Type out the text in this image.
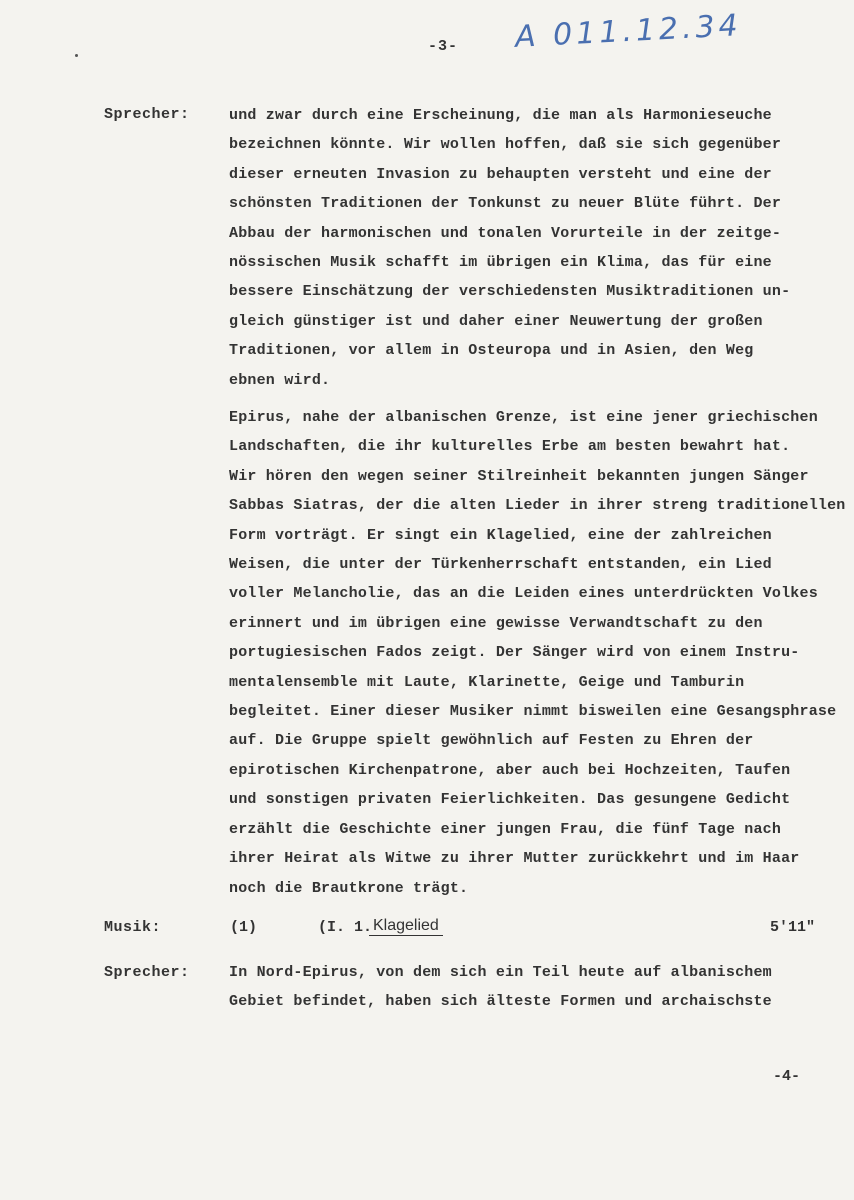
-3- A 011.12.34
Sprecher:	und zwar durch eine Erscheinung, die man als Harmonieseuche
bezeichnen könnte. Wir wollen hoffen, daß sie sich gegenüber
dieser erneuten Invasion zu behaupten versteht und eine der
schönsten Traditionen der Tonkunst zu neuer Blüte führt. Der
Abbau der harmonischen und tonalen Vorurteile in der zeitge-
nössischen Musik schafft im übrigen ein Klima, das für eine
bessere Einschätzung der verschiedensten Musiktraditionen un-
gleich günstiger ist und daher einer Neuwertung der großen
Traditionen, vor allem in Osteuropa und in Asien, den Weg
ebnen wird.
Epirus, nahe der albanischen Grenze, ist eine jener griechischen
Landschaften, die ihr kulturelles Erbe am besten bewahrt hat.
Wir hören den wegen seiner Stilreinheit bekannten jungen Sänger
Sabbas Siatras, der die alten Lieder in ihrer streng traditionellen
Form vorträgt. Er singt ein Klagelied, eine der zahlreichen
Weisen, die unter der Türkenherrschaft entstanden, ein Lied
voller Melancholie, das an die Leiden eines unterdrückten Volkes
erinnert und im übrigen eine gewisse Verwandtschaft zu den
portugiesischen Fados zeigt. Der Sänger wird von einem Instru-
mentalensemble mit Laute, Klarinette, Geige und Tamburin
begleitet. Einer dieser Musiker nimmt bisweilen eine Gesangsphrase
auf. Die Gruppe spielt gewöhnlich auf Festen zu Ehren der
epirotischen Kirchenpatrone, aber auch bei Hochzeiten, Taufen
und sonstigen privaten Feierlichkeiten. Das gesungene Gedicht
erzählt die Geschichte einer jungen Frau, die fünf Tage nach
ihrer Heirat als Witwe zu ihrer Mutter zurückkehrt und im Haar
noch die Brautkrone trägt.
Musik:	(1)	(I. 1. Klagelied	5'11"
Sprecher:	In Nord-Epirus, von dem sich ein Teil heute auf albanischem
Gebiet befindet, haben sich älteste Formen und archaischste
-4-
